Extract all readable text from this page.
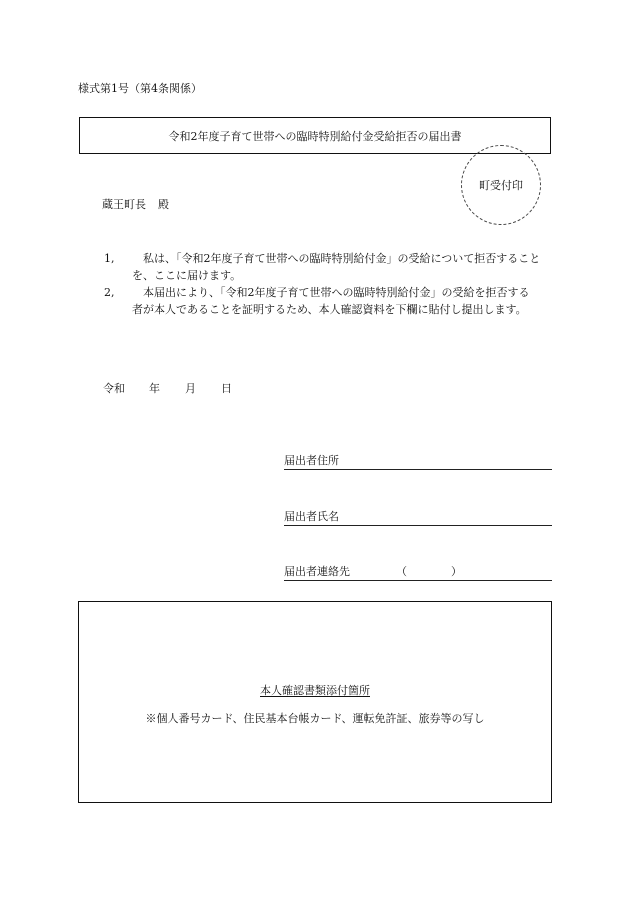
様式第1号（第4条関係）
令和2年度子育て世帯への臨時特別給付金受給拒否の届出書
町受付印
蔵王町長 殿
1,
　	私は、「令和2年度子育て世帯への臨時特別給付金」の受給について拒否すること
を、ここに届けます。
2,
　	本届出により、「令和2年度子育て世帯への臨時特別給付金」の受給を拒否する
者が本人であることを証明するため、本人確認資料を下欄に貼付し提出します。
令和	年	月	日
届出者住所
届出者氏名
届出者連絡先	（	）
本人確認書類添付箇所
※個人番号カード、住民基本台帳カード、運転免許証、旅券等の写し
